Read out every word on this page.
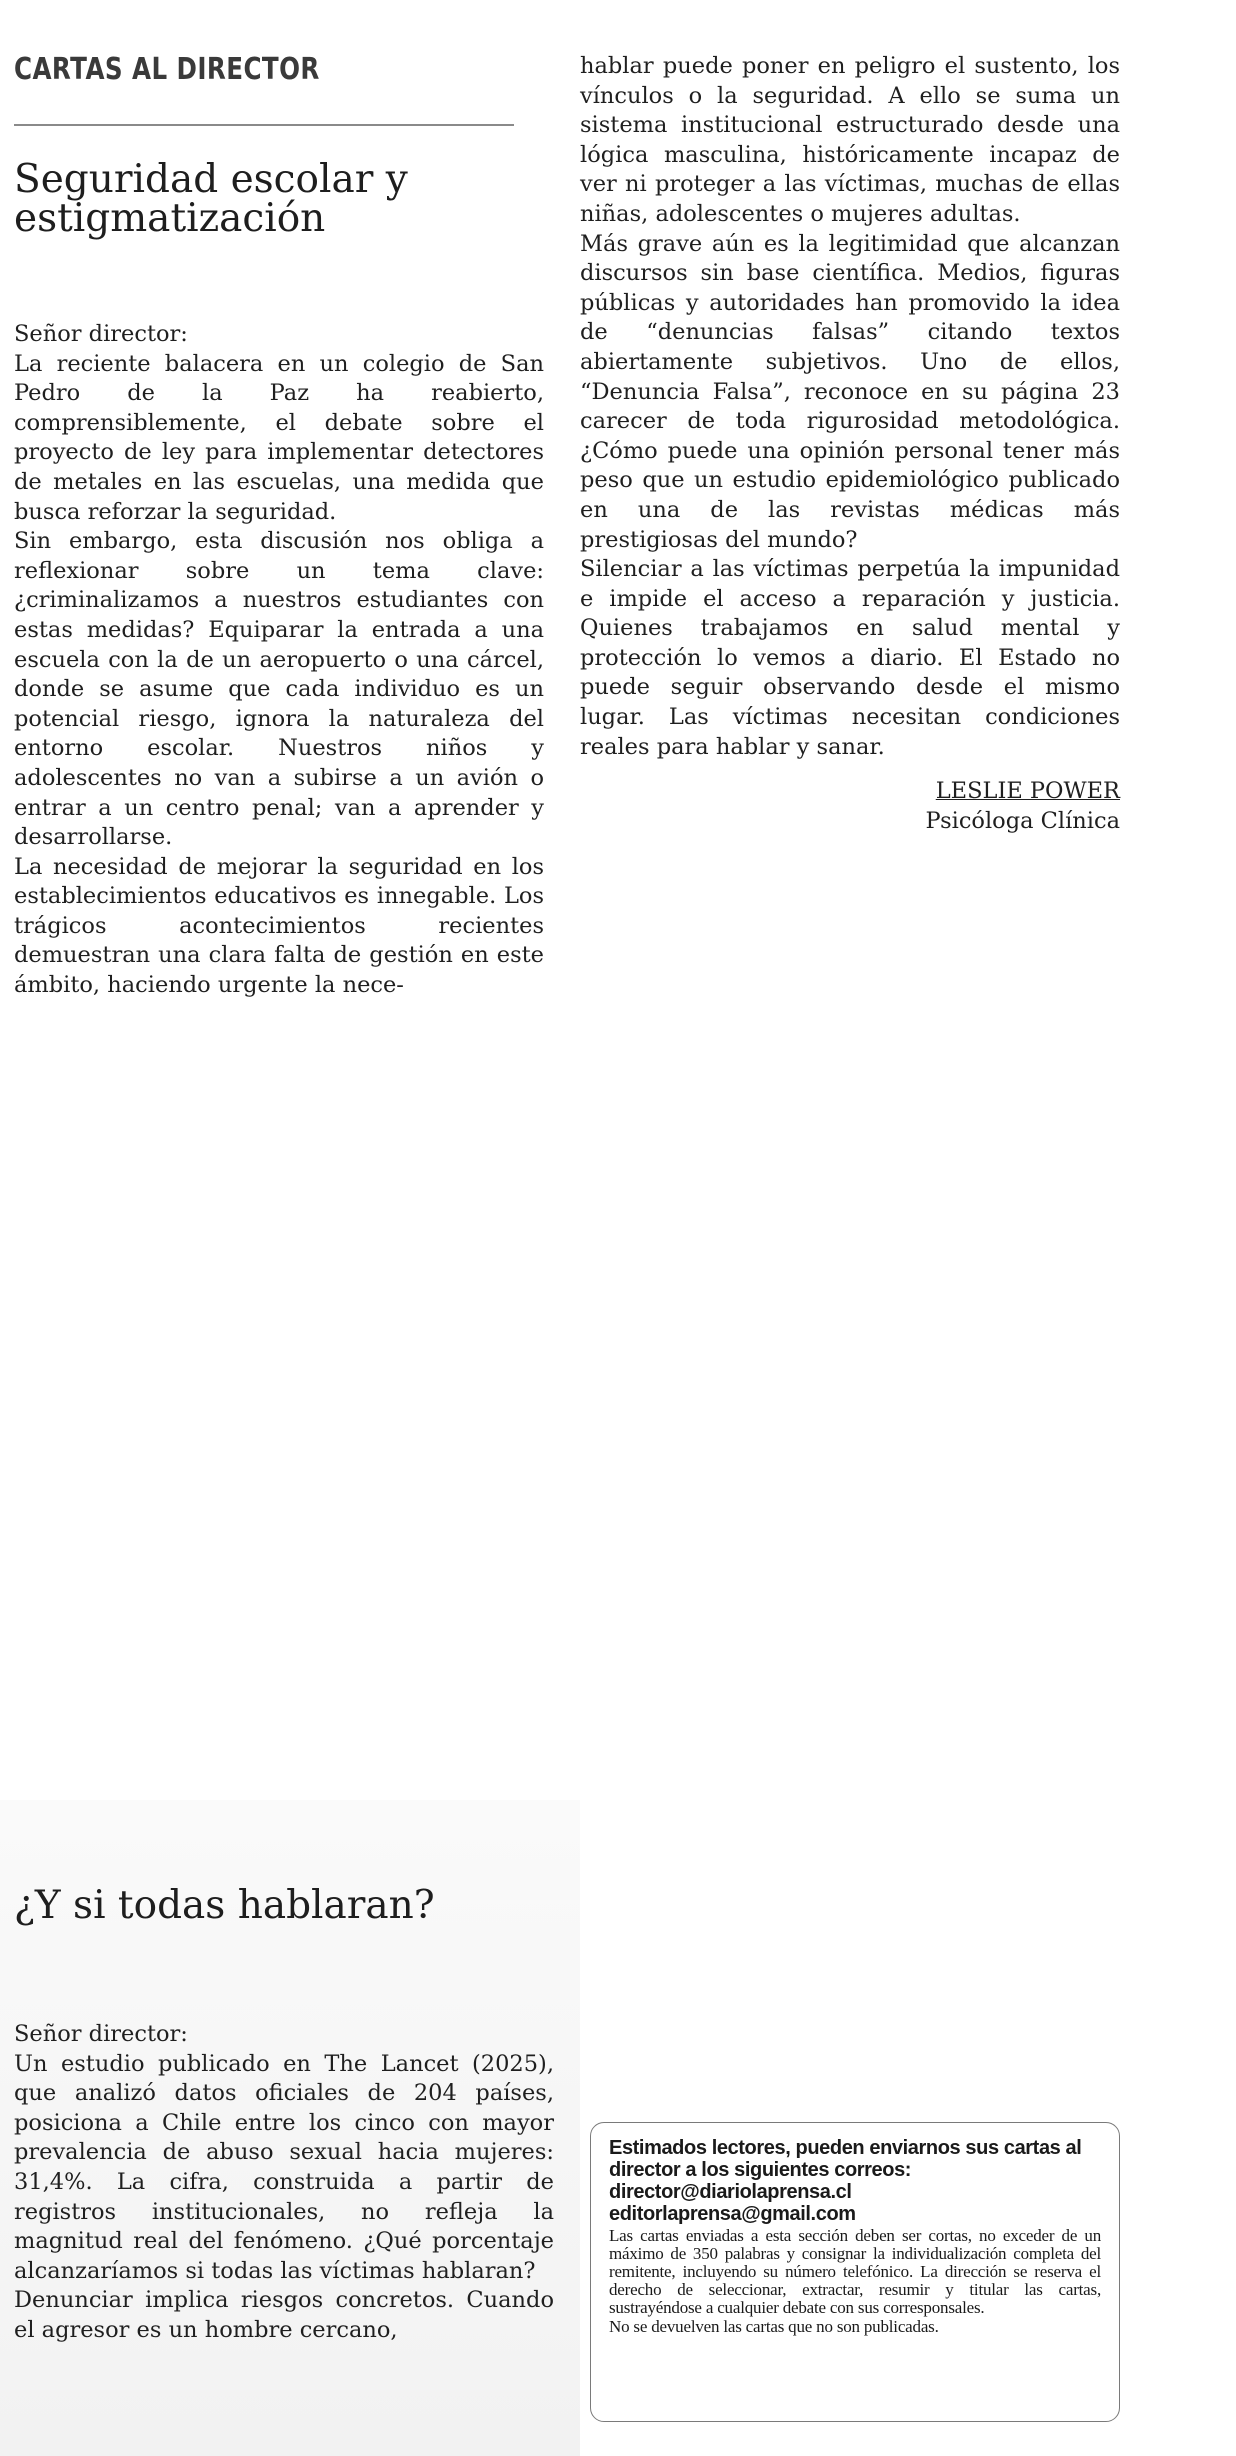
CARTAS AL DIRECTOR
Seguridad escolar y estigmatización

Señor director:

La reciente balacera en un colegio de San Pedro de la Paz ha reabierto, comprensiblemente, el debate sobre el proyecto de ley para implementar detectores de metales en las escuelas, una medida que busca reforzar la seguridad.

Sin embargo, esta discusión nos obliga a reflexionar sobre un tema clave: ¿criminalizamos a nuestros estudiantes con estas medidas? Equiparar la entrada a una escuela con la de un aeropuerto o una cárcel, donde se asume que cada individuo es un potencial riesgo, ignora la naturaleza del entorno escolar. Nuestros niños y adolescentes no van a subirse a un avión o entrar a un centro penal; van a aprender y desarrollarse.

La necesidad de mejorar la seguridad en los establecimientos educativos es innegable. Los trágicos acontecimientos recientes demuestran una clara falta de gestión en este ámbito, haciendo urgente la nece-

hablar puede poner en peligro el sustento, los vínculos o la seguridad. A ello se suma un sistema institucional estructurado desde una lógica masculina, históricamente incapaz de ver ni proteger a las víctimas, muchas de ellas niñas, adolescentes o mujeres adultas.

Más grave aún es la legitimidad que alcanzan discursos sin base científica. Medios, figuras públicas y autoridades han promovido la idea de “denuncias falsas” citando textos abiertamente subjetivos. Uno de ellos, “Denuncia Falsa”, reconoce en su página 23 carecer de toda rigurosidad metodológica. ¿Cómo puede una opinión personal tener más peso que un estudio epidemiológico publicado en una de las revistas médicas más prestigiosas del mundo?

Silenciar a las víctimas perpetúa la impunidad e impide el acceso a reparación y justicia. Quienes trabajamos en salud mental y protección lo vemos a diario. El Estado no puede seguir observando desde el mismo lugar. Las víctimas necesitan condiciones reales para hablar y sanar.

LESLIE POWER
Psicóloga Clínica
¿Y si todas hablaran?

Señor director:

Un estudio publicado en The Lancet (2025), que analizó datos oficiales de 204 países, posiciona a Chile entre los cinco con mayor prevalencia de abuso sexual hacia mujeres: 31,4%. La cifra, construida a partir de registros institucionales, no refleja la magnitud real del fenómeno. ¿Qué porcentaje alcanzaríamos si todas las víctimas hablaran?

Denunciar implica riesgos concretos. Cuando el agresor es un hombre cercano,

Estimados lectores, pueden enviarnos sus cartas al director a los siguientes correos:
director@diariolaprensa.cl
editorlaprensa@gmail.com
Las cartas enviadas a esta sección deben ser cortas, no exceder de un máximo de 350 palabras y consignar la individualización completa del remitente, incluyendo su número telefónico. La dirección se reserva el derecho de seleccionar, extractar, resumir y titular las cartas, sustrayéndose a cualquier debate con sus corresponsales.
No se devuelven las cartas que no son publicadas.
